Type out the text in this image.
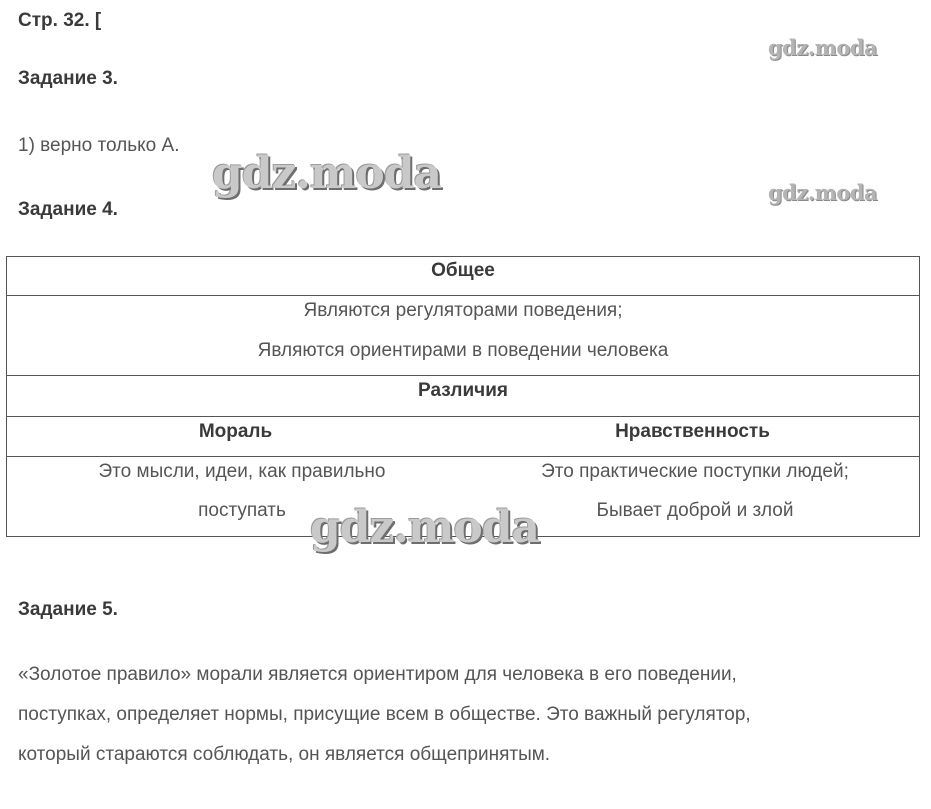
Стр. 32. [
gdz.moda
gdz.moda
Задание 3.
1) верно только А.
gdz.moda
Задание 4.
Общее
Являются регуляторами поведения;
Являются ориентирами в поведении человека
Различия
Мораль	Нравственность
Это мысли, идеи, как правильно
поступать
Это практические поступки людей;
Бывает доброй и злой
gdz.moda
Задание 5.
«Золотое правило» морали является ориентиром для человека в его поведении,
поступках, определяет нормы, присущие всем в обществе. Это важный регулятор,
который стараются соблюдать, он является общепринятым.
